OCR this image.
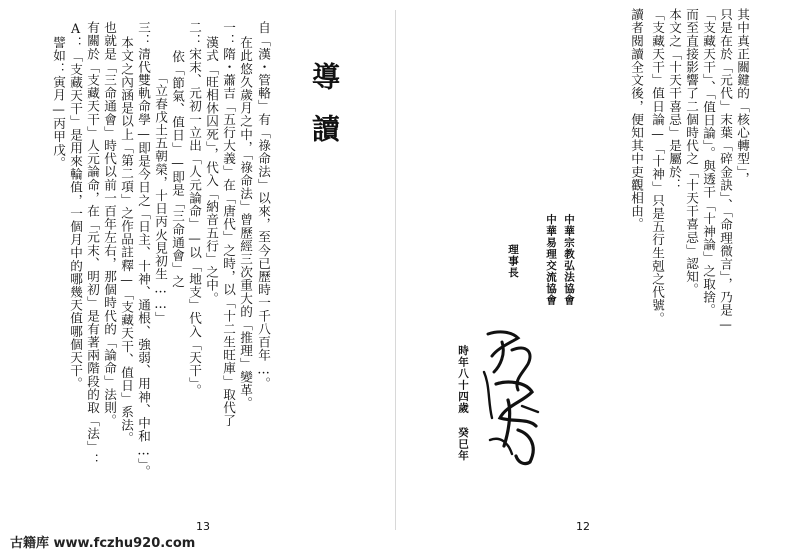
自「漢・管輅」有「祿命法」以來，至今已歷時一千八百年…。
在此悠久歲月之中，「祿命法」曾歷經三次重大的「推理」變革。
一：隋・蕭吉「五行大義」在「唐代」之時，以「十二生旺庫」取代了
漢式「旺相休囚死」，代入「納音五行」之中。
二：宋末、元初一立出「人元論命」—以「地支」代入「天干」。
依「節氣、值日」—即是「三命通會」之
「立春戊土五朝榮，十日丙火見初生……」
三：清代雙軌命學—即是今日之「日主、十神、通根、強弱、用神、中和…」。
本文之內涵是以上「第二項」之作品註釋—「支藏天干、值日」系法。
也就是「三命通會」時代以前一百年左右，那個時代的「論命」法則。
有關於「支藏天干」人元論命，在「元末、明初」是有著兩階段的取「法」：
A：「支藏天干」是用來輪值，一個月中的哪幾天值哪個天干。
譬如：寅月—丙甲戊。	導讀
13
其中真正關鍵的「核心轉型」，
只是在於「元代」末葉「碎金訣」、「命理微言」，乃是—
「支藏天干」、「值日論」。與透干「十神論」之取捨。
而至直接影響了二個時代之「十天干喜忌」認知。
本文之「十天干喜忌」是屬於：
「支藏天干」值日論—「十神」只是五行生剋之代號。
讀者閱讀全文後，便知其中吏觀相由。
中華宗教弘法協會
中華易理交流協會
理事長
時年八十四歲 癸巳年
12
古籍库 www.fczhu920.com
